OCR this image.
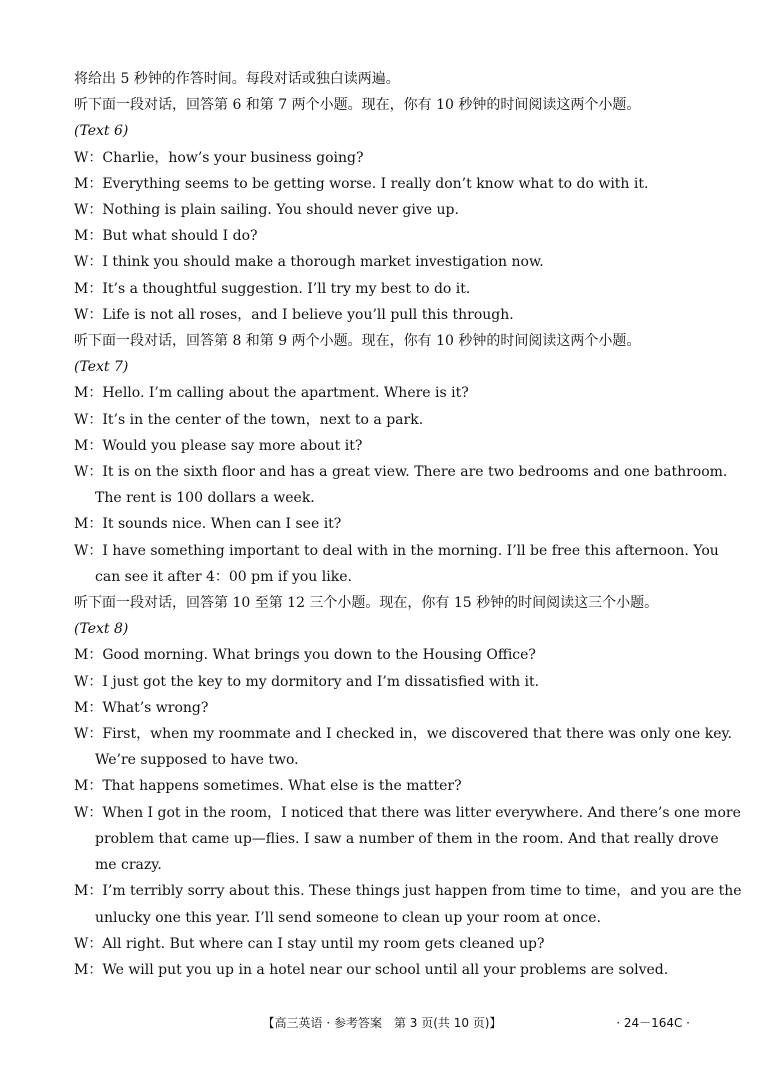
将给出 5 秒钟的作答时间。每段对话或独白读两遍。

听下面一段对话，回答第 6 和第 7 两个小题。现在，你有 10 秒钟的时间阅读这两个小题。

(Text 6)

W：Charlie，how’s your business going?

M：Everything seems to be getting worse. I really don’t know what to do with it.

W：Nothing is plain sailing. You should never give up.

M：But what should I do?

W：I think you should make a thorough market investigation now.

M：It’s a thoughtful suggestion. I’ll try my best to do it.

W：Life is not all roses，and I believe you’ll pull this through.

听下面一段对话，回答第 8 和第 9 两个小题。现在，你有 10 秒钟的时间阅读这两个小题。

(Text 7)

M：Hello. I’m calling about the apartment. Where is it?

W：It’s in the center of the town，next to a park.

M：Would you please say more about it?

W：It is on the sixth floor and has a great view. There are two bedrooms and one bathroom.

The rent is 100 dollars a week.

M：It sounds nice. When can I see it?

W：I have something important to deal with in the morning. I’ll be free this afternoon. You

can see it after 4：00 pm if you like.

听下面一段对话，回答第 10 至第 12 三个小题。现在，你有 15 秒钟的时间阅读这三个小题。

(Text 8)

M：Good morning. What brings you down to the Housing Office?

W：I just got the key to my dormitory and I’m dissatisfied with it.

M：What’s wrong?

W：First，when my roommate and I checked in，we discovered that there was only one key.

We’re supposed to have two.

M：That happens sometimes. What else is the matter?

W：When I got in the room，I noticed that there was litter everywhere. And there’s one more

problem that came up—flies. I saw a number of them in the room. And that really drove

me crazy.

M：I’m terribly sorry about this. These things just happen from time to time，and you are the

unlucky one this year. I’ll send someone to clean up your room at once.

W：All right. But where can I stay until my room gets cleaned up?

M：We will put you up in a hotel near our school until all your problems are solved.

【高三英语 · 参考答案　第 3 页(共 10 页)】	· 24－164C ·
